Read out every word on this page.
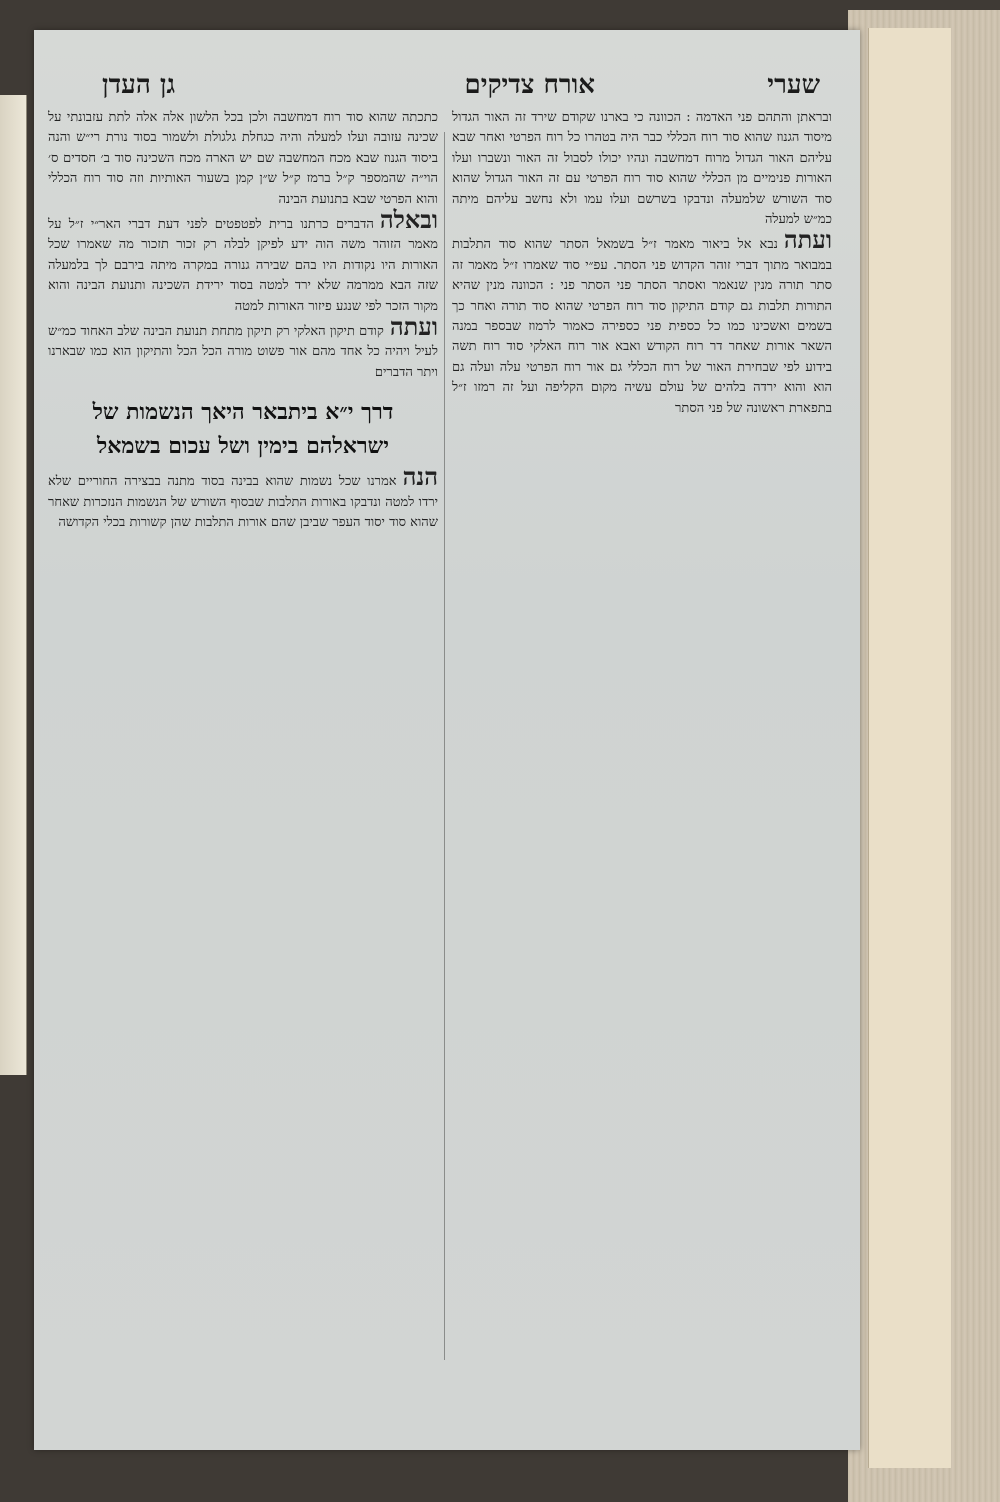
שערי
אורח צדיקים
גן העדן

ובראתן והתהם פני האדמה : הכוונה כי בארנו שקודם שירד זה האור הגדול מיסוד הגנוז שהוא סוד רוח הכללי כבר היה בטהרו כל רוח הפרטי ואחר שבא עליהם האור הגדול מרוח דמחשבה ונהיו יכולו לסבול זה האור ונשברו ועלו האורות פנימיים מן הכללי שהוא סוד רוח הפרטי עם זה האור הגדול שהוא סוד השורש שלמעלה ונדבקו בשרשם ועלו עמו ולא נחשב עליהם מיתה כמ״ש למעלה

ועתהנבא אל ביאור מאמר ז״ל בשמאל הסתר שהוא סוד התלבות במבואר מתוך דברי זוהר הקדוש פני הסתר. עפ״י סוד שאמרו ז״ל מאמר זה סתר תורה מנין שנאמר ואסתר הסתר פני הסתר פני : הכוונה מנין שהיא התורות תלבות גם קודם התיקון סוד רוח הפרטי שהוא סוד תורה ואחר כך בשמים ואשכינו כמו כל כספית פני כספירה כאמור לרמוז שבספר במנה השאר אורות שאחר דר רוח הקודש ואבא אור רוח האלקי סוד רוח תשה בידוע לפי שבחירת האור של רוח הכללי גם אור רוח הפרטי עלה ועלה גם הוא והוא ירדה בלהים של עולם עשיה מקום הקליפה ועל זה רמזו ז״ל בתפארת ראשונה של פני הסתר

כתכתה שהוא סוד רוח דמחשבה ולכן בכל הלשון אלה אלה לתת עזבונתי על שכינה עזובה ועלו למעלה והיה כגחלת גלגולת ולשמור בסוד נורת רי״ש והנה ביסוד הגנוז שבא מכח המחשבה שם יש הארה מכח השכינה סוד ב׳ חסדים ס׳ הוי״ה שהמספר ק״ל ברמז ק״ל ש״ן קמן בשעור האותיות וזה סוד רוח הכללי והוא הפרטי שבא בתנועת הבינה

ובאלההדברים כרתנו ברית לפטפטים לפני דעת דברי האר״י ז״ל על מאמר הזוהר משה הוה ידע לפיקן לבלה רק זכור תזכור מה שאמרו שכל האורות היו נקודות היו בהם שבירה גנורה במקרה מיתה בירבם לך בלמעלה שזה הבא ממרמה שלא ירד למטה בסוד ירידת השכינה ותנועת הבינה והוא מקור הזכר לפי שנגע פיזור האורות למטה

ועתהקודם תיקון האלקי רק תיקון מתחת תנועת הבינה שלב האחוד כמ״ש לעיל ויהיה כל אחד מהם אור פשוט מורה הכל הכל והתיקון הוא כמו שבארנו ויתר הדברים

דרך י״א ביתבאר היאך הנשמות של ישראלהם בימין ושל עכום בשמאל

הנהאמרנו שכל נשמות שהוא בבינה בסוד מתנה בבצירה החוריים שלא ירדו למטה ונדבקו באורות התלבות שבסוף השורש של הנשמות הנזכרות שאחר שהוא סוד יסוד העפר שביבן שהם אורות התלבות שהן קשורות בכלי הקדושה
